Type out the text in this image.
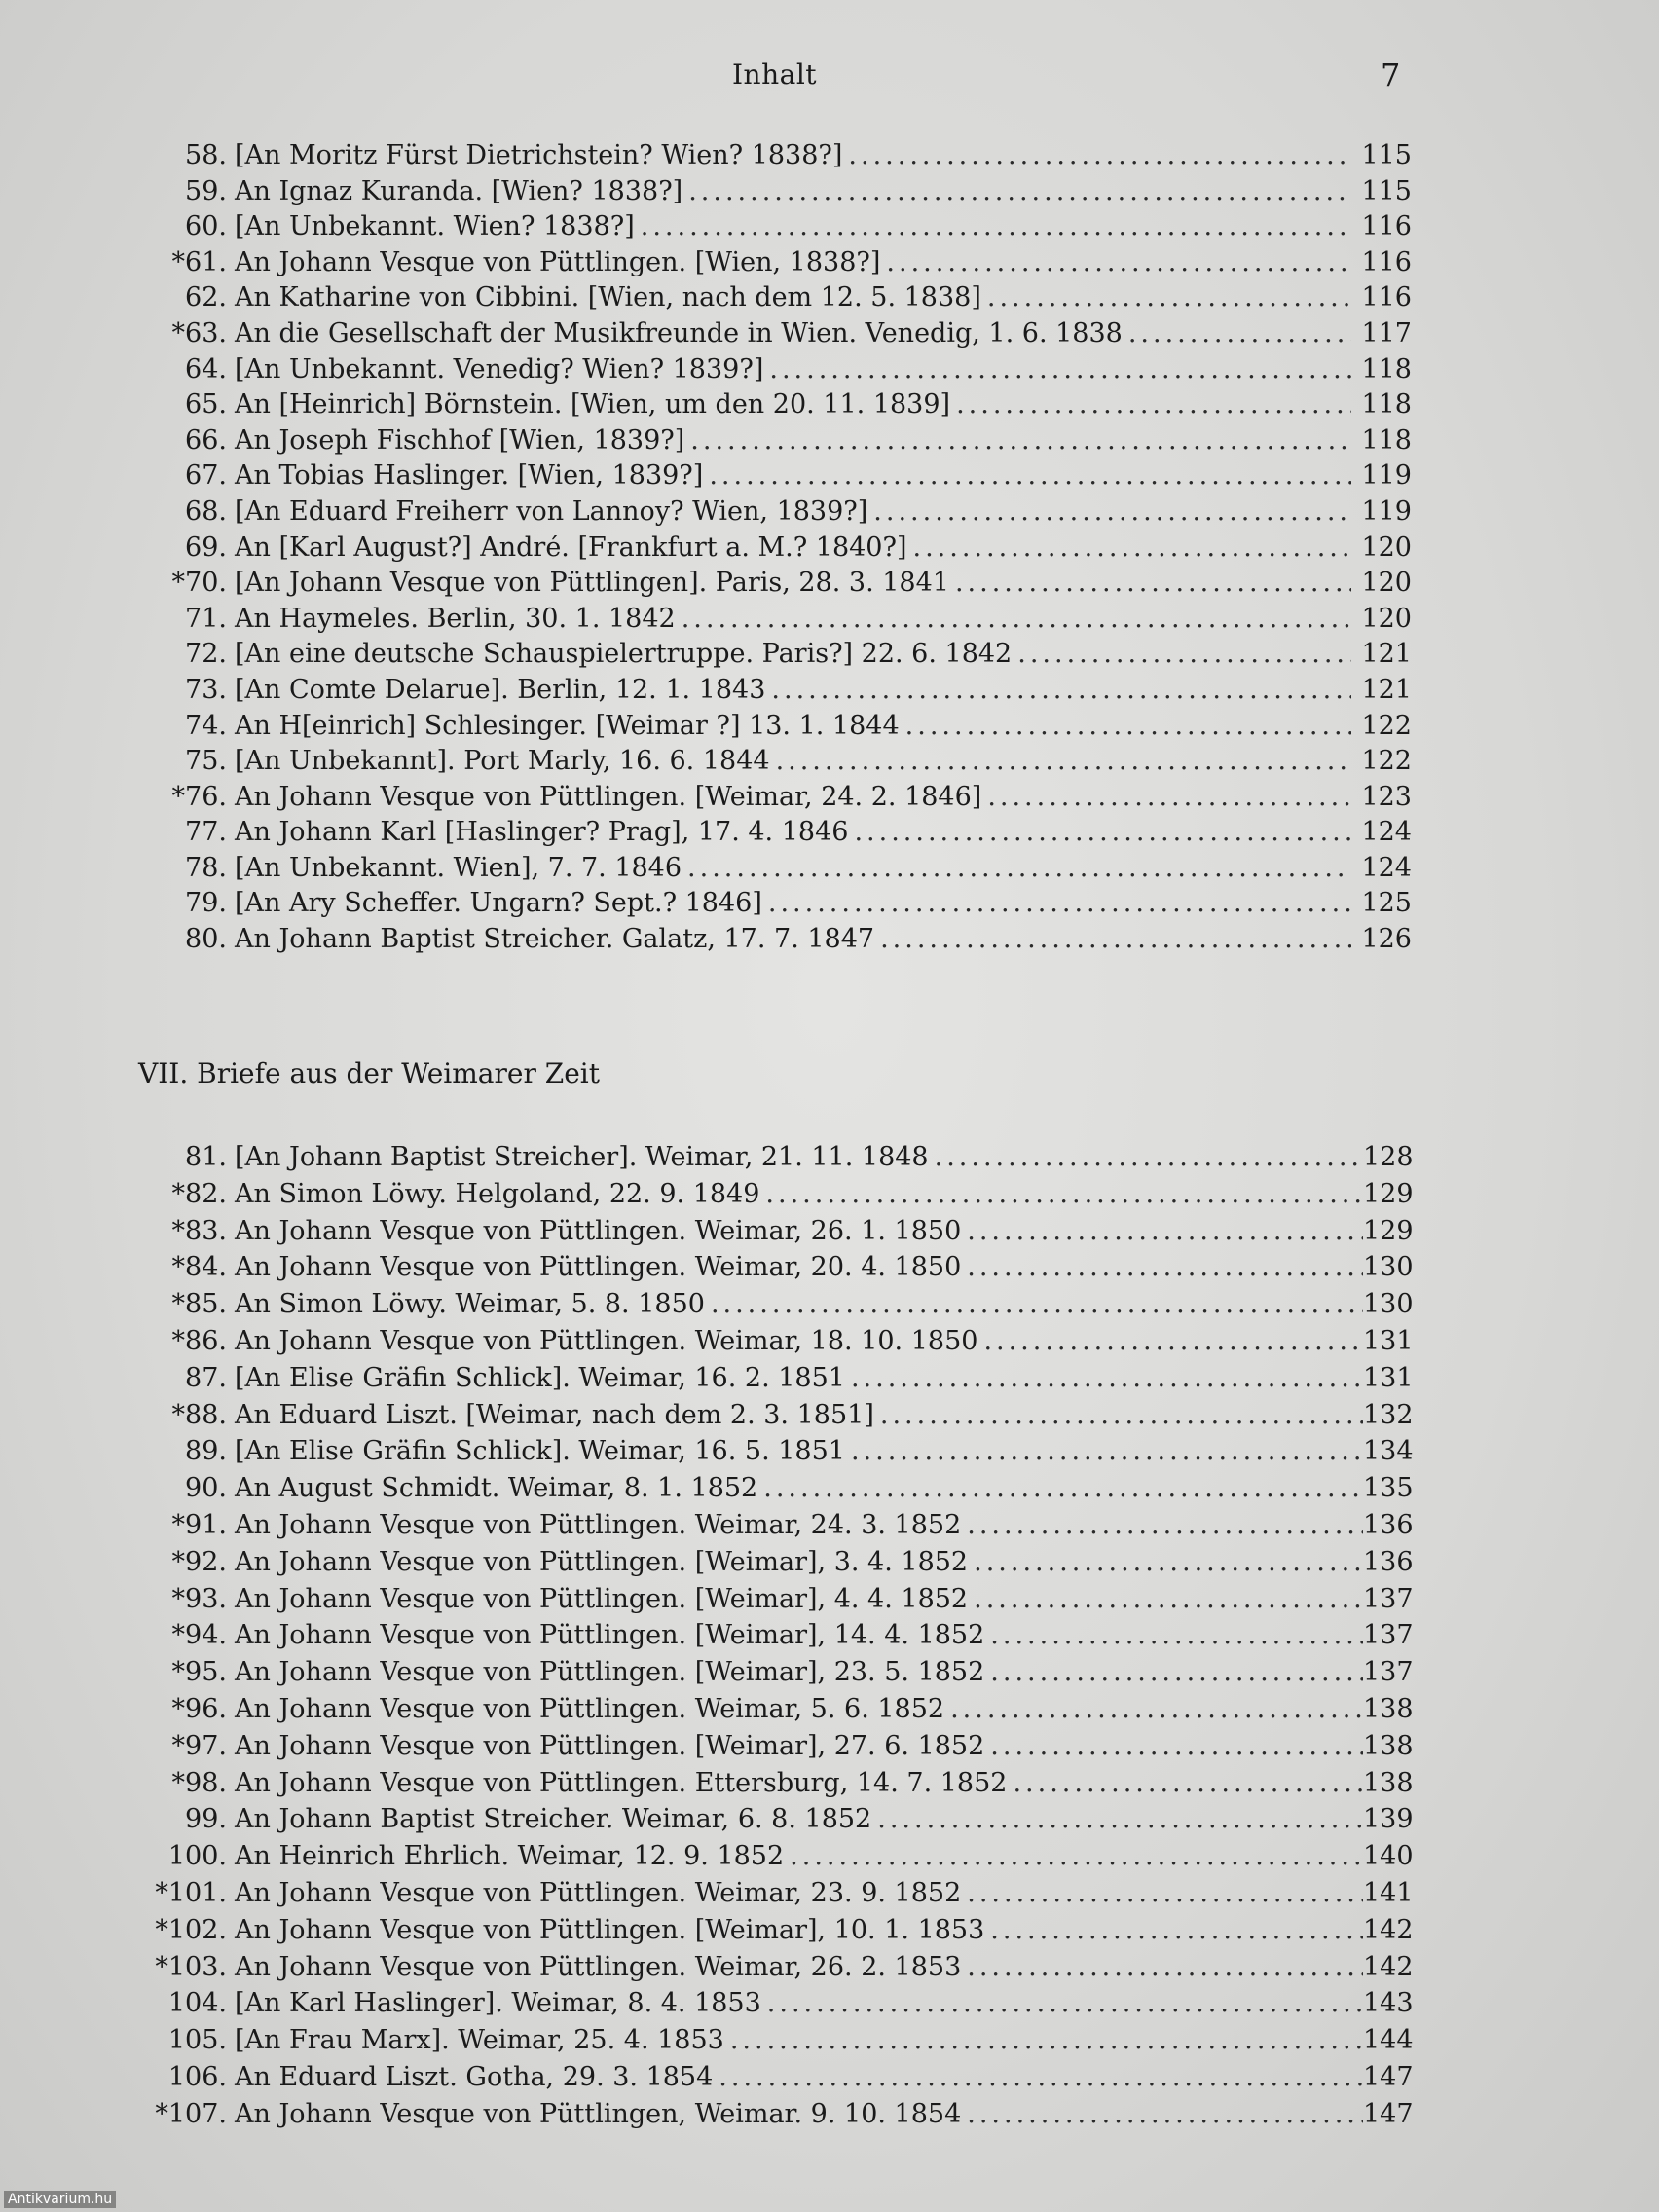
Inhalt	7
58. [An Moritz Fürst Dietrichstein? Wien? 1838?] .....	115
59. An Ignaz Kuranda. [Wien? 1838?] .....	115
60. [An Unbekannt. Wien? 1838?] .....	116
*61. An Johann Vesque von Püttlingen. [Wien, 1838?] .....	116
62. An Katharine von Cibbini. [Wien, nach dem 12. 5. 1838] .....	116
*63. An die Gesellschaft der Musikfreunde in Wien. Venedig, 1. 6. 1838 .....	117
64. [An Unbekannt. Venedig? Wien? 1839?] .....	118
65. An [Heinrich] Börnstein. [Wien, um den 20. 11. 1839] .....	118
66. An Joseph Fischhof [Wien, 1839?] .....	118
67. An Tobias Haslinger. [Wien, 1839?] .....	119
68. [An Eduard Freiherr von Lannoy? Wien, 1839?] .....	119
69. An [Karl August?] André. [Frankfurt a. M.? 1840?] .....	120
*70. [An Johann Vesque von Püttlingen]. Paris, 28. 3. 1841 .....	120
71. An Haymeles. Berlin, 30. 1. 1842 .....	120
72. [An eine deutsche Schauspielertruppe. Paris?] 22. 6. 1842 .....	121
73. [An Comte Delarue]. Berlin, 12. 1. 1843 .....	121
74. An H[einrich] Schlesinger. [Weimar ?] 13. 1. 1844 .....	122
75. [An Unbekannt]. Port Marly, 16. 6. 1844 .....	122
*76. An Johann Vesque von Püttlingen. [Weimar, 24. 2. 1846] .....	123
77. An Johann Karl [Haslinger? Prag], 17. 4. 1846 .....	124
78. [An Unbekannt. Wien], 7. 7. 1846 .....	124
79. [An Ary Scheffer. Ungarn? Sept.? 1846] .....	125
80. An Johann Baptist Streicher. Galatz, 17. 7. 1847 .....	126
VII. Briefe aus der Weimarer Zeit
81. [An Johann Baptist Streicher]. Weimar, 21. 11. 1848 .....	128
*82. An Simon Löwy. Helgoland, 22. 9. 1849 .....	129
*83. An Johann Vesque von Püttlingen. Weimar, 26. 1. 1850 .....	129
*84. An Johann Vesque von Püttlingen. Weimar, 20. 4. 1850 .....	130
*85. An Simon Löwy. Weimar, 5. 8. 1850 .....	130
*86. An Johann Vesque von Püttlingen. Weimar, 18. 10. 1850 .....	131
87. [An Elise Gräfin Schlick]. Weimar, 16. 2. 1851 .....	131
*88. An Eduard Liszt. [Weimar, nach dem 2. 3. 1851] .....	132
89. [An Elise Gräfin Schlick]. Weimar, 16. 5. 1851 .....	134
90. An August Schmidt. Weimar, 8. 1. 1852 .....	135
*91. An Johann Vesque von Püttlingen. Weimar, 24. 3. 1852 .....	136
*92. An Johann Vesque von Püttlingen. [Weimar], 3. 4. 1852 .....	136
*93. An Johann Vesque von Püttlingen. [Weimar], 4. 4. 1852 .....	137
*94. An Johann Vesque von Püttlingen. [Weimar], 14. 4. 1852 .....	137
*95. An Johann Vesque von Püttlingen. [Weimar], 23. 5. 1852 .....	137
*96. An Johann Vesque von Püttlingen. Weimar, 5. 6. 1852 .....	138
*97. An Johann Vesque von Püttlingen. [Weimar], 27. 6. 1852 .....	138
*98. An Johann Vesque von Püttlingen. Ettersburg, 14. 7. 1852 .....	138
99. An Johann Baptist Streicher. Weimar, 6. 8. 1852 .....	139
100. An Heinrich Ehrlich. Weimar, 12. 9. 1852 .....	140
*101. An Johann Vesque von Püttlingen. Weimar, 23. 9. 1852 .....	141
*102. An Johann Vesque von Püttlingen. [Weimar], 10. 1. 1853 .....	142
*103. An Johann Vesque von Püttlingen. Weimar, 26. 2. 1853 .....	142
104. [An Karl Haslinger]. Weimar, 8. 4. 1853 .....	143
105. [An Frau Marx]. Weimar, 25. 4. 1853 .....	144
106. An Eduard Liszt. Gotha, 29. 3. 1854 .....	147
*107. An Johann Vesque von Püttlingen, Weimar. 9. 10. 1854 .....	147
Antikvarium.hu
